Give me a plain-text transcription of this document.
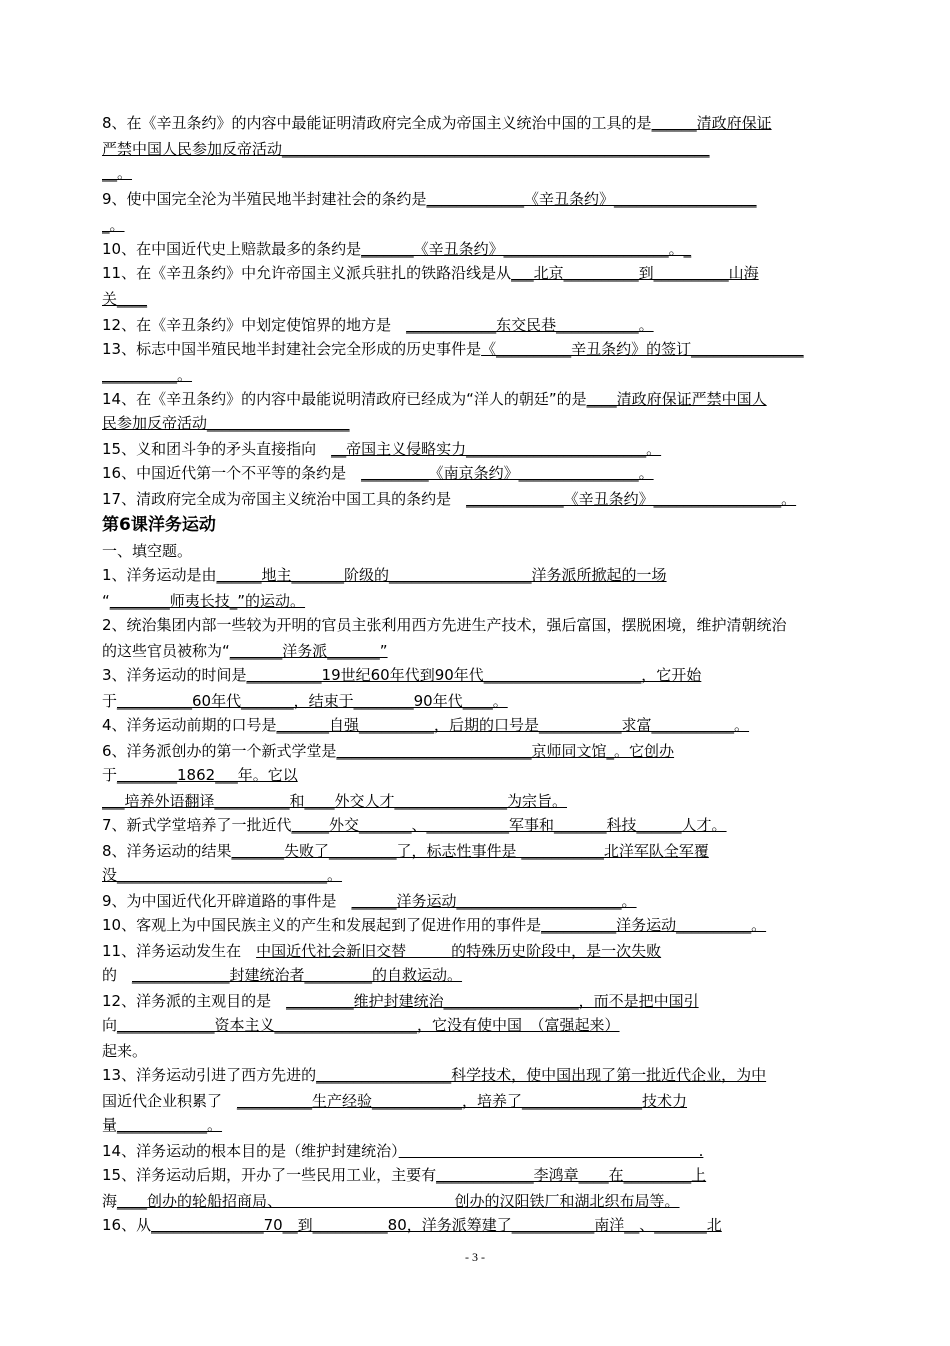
8、在《辛丑条约》的内容中最能证明清政府完全成为帝国主义统治中国的工具的是______清政府保证
严禁中国人民参加反帝活动_________________________________________________________
__。
9、使中国完全沦为半殖民地半封建社会的条约是_____________《辛丑条约》___________________
_。
10、在中国近代史上赔款最多的条约是_______《辛丑条约》______________________。_
11、在《辛丑条约》中允许帝国主义派兵驻扎的铁路沿线是从___北京__________到__________山海
关____
12、在《辛丑条约》中划定使馆界的地方是　____________东交民巷___________。
13、标志中国半殖民地半封建社会完全形成的历史事件是《__________辛丑条约》的签订_______________
__________。
14、在《辛丑条约》的内容中最能说明清政府已经成为“洋人的朝廷”的是____清政府保证严禁中国人
民参加反帝活动___________________
15、义和团斗争的矛头直接指向　__帝国主义侵略实力________________________。
16、中国近代第一个不平等的条约是　_________《南京条约》________________。
17、清政府完全成为帝国主义统治中国工具的条约是　_____________《辛丑条约》_________________。
第6课洋务运动
一、填空题。
1、洋务运动是由______地主_______阶级的___________________洋务派所掀起的一场
“________师夷长技_”的运动。
2、统治集团内部一些较为开明的官员主张利用西方先进生产技术，强后富国，摆脱困境，维护清朝统治
的这些官员被称为“_______洋务派_______”
3、洋务运动的时间是__________19世纪60年代到90年代_____________________，它开始
于__________60年代_______，结束于________90年代____。
4、洋务运动前期的口号是_______自强__________，后期的口号是___________求富___________。
6、洋务派创办的第一个新式学堂是__________________________京师同文馆_。它创办
于________1862___年。它以
___培养外语翻译__________和____外交人才_______________为宗旨。
7、新式学堂培养了一批近代_____外交_______、___________军事和_______科技______人才。
8、洋务运动的结果_______失败了_________了，标志性事件是 ___________北洋军队全军覆
没____________________________。
9、为中国近代化开辟道路的事件是　______洋务运动______________________。
10、客观上为中国民族主义的产生和发展起到了促进作用的事件是__________洋务运动__________。
11、洋务运动发生在　中国近代社会新旧交替　　　的特殊历史阶段中，是一次失败
的　_____________封建统治者_________的自救运动。
12、洋务派的主观目的是　_________维护封建统治__________________，而不是把中国引
向_____________资本主义___________________，它没有使中国　（富强起来）
起来。
13、洋务运动引进了西方先进的__________________科学技术，使中国出现了第一批近代企业，为中
国近代企业积累了　__________生产经验____________，培养了________________技术力
量____________。
14、洋务运动的根本目的是（维护封建统治）　　　　　　　　　　　　　　　　　　　　.
15、洋务运动后期，开办了一些民用工业，主要有_____________李鸿章____在_________上
海____创办的轮船招商局、　　　　　　　　　　　　创办的汉阳铁厂和湖北织布局等。
16、从_______________70__到__________80，洋务派筹建了___________南洋__、_______北
- 3 -
